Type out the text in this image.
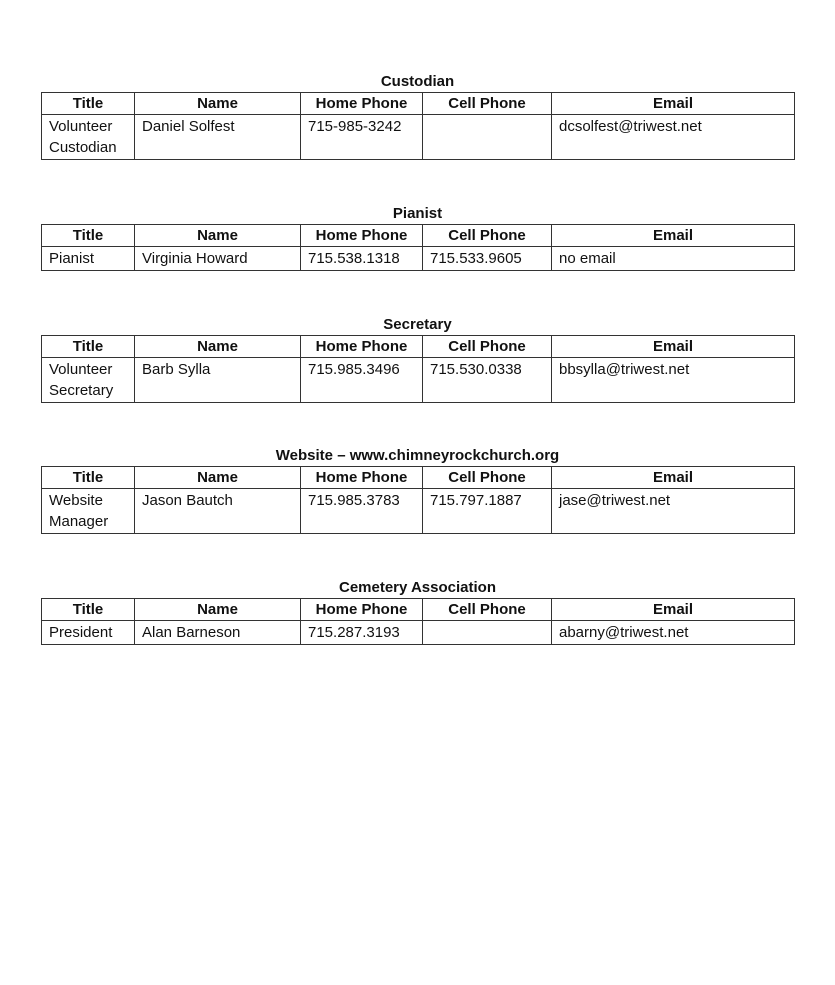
Custodian
Title	Name	Home Phone	Cell Phone	Email
Volunteer Custodian	Daniel Solfest	715-985-3242		dcsolfest@triwest.net
Pianist
Title	Name	Home Phone	Cell Phone	Email
Pianist	Virginia Howard	715.538.1318	715.533.9605	no email
Secretary
Title	Name	Home Phone	Cell Phone	Email
Volunteer Secretary	Barb Sylla	715.985.3496	715.530.0338	bbsylla@triwest.net
Website – www.chimneyrockchurch.org
Title	Name	Home Phone	Cell Phone	Email
Website Manager	Jason Bautch	715.985.3783	715.797.1887	jase@triwest.net
Cemetery Association
Title	Name	Home Phone	Cell Phone	Email
President	Alan Barneson	715.287.3193		abarny@triwest.net
